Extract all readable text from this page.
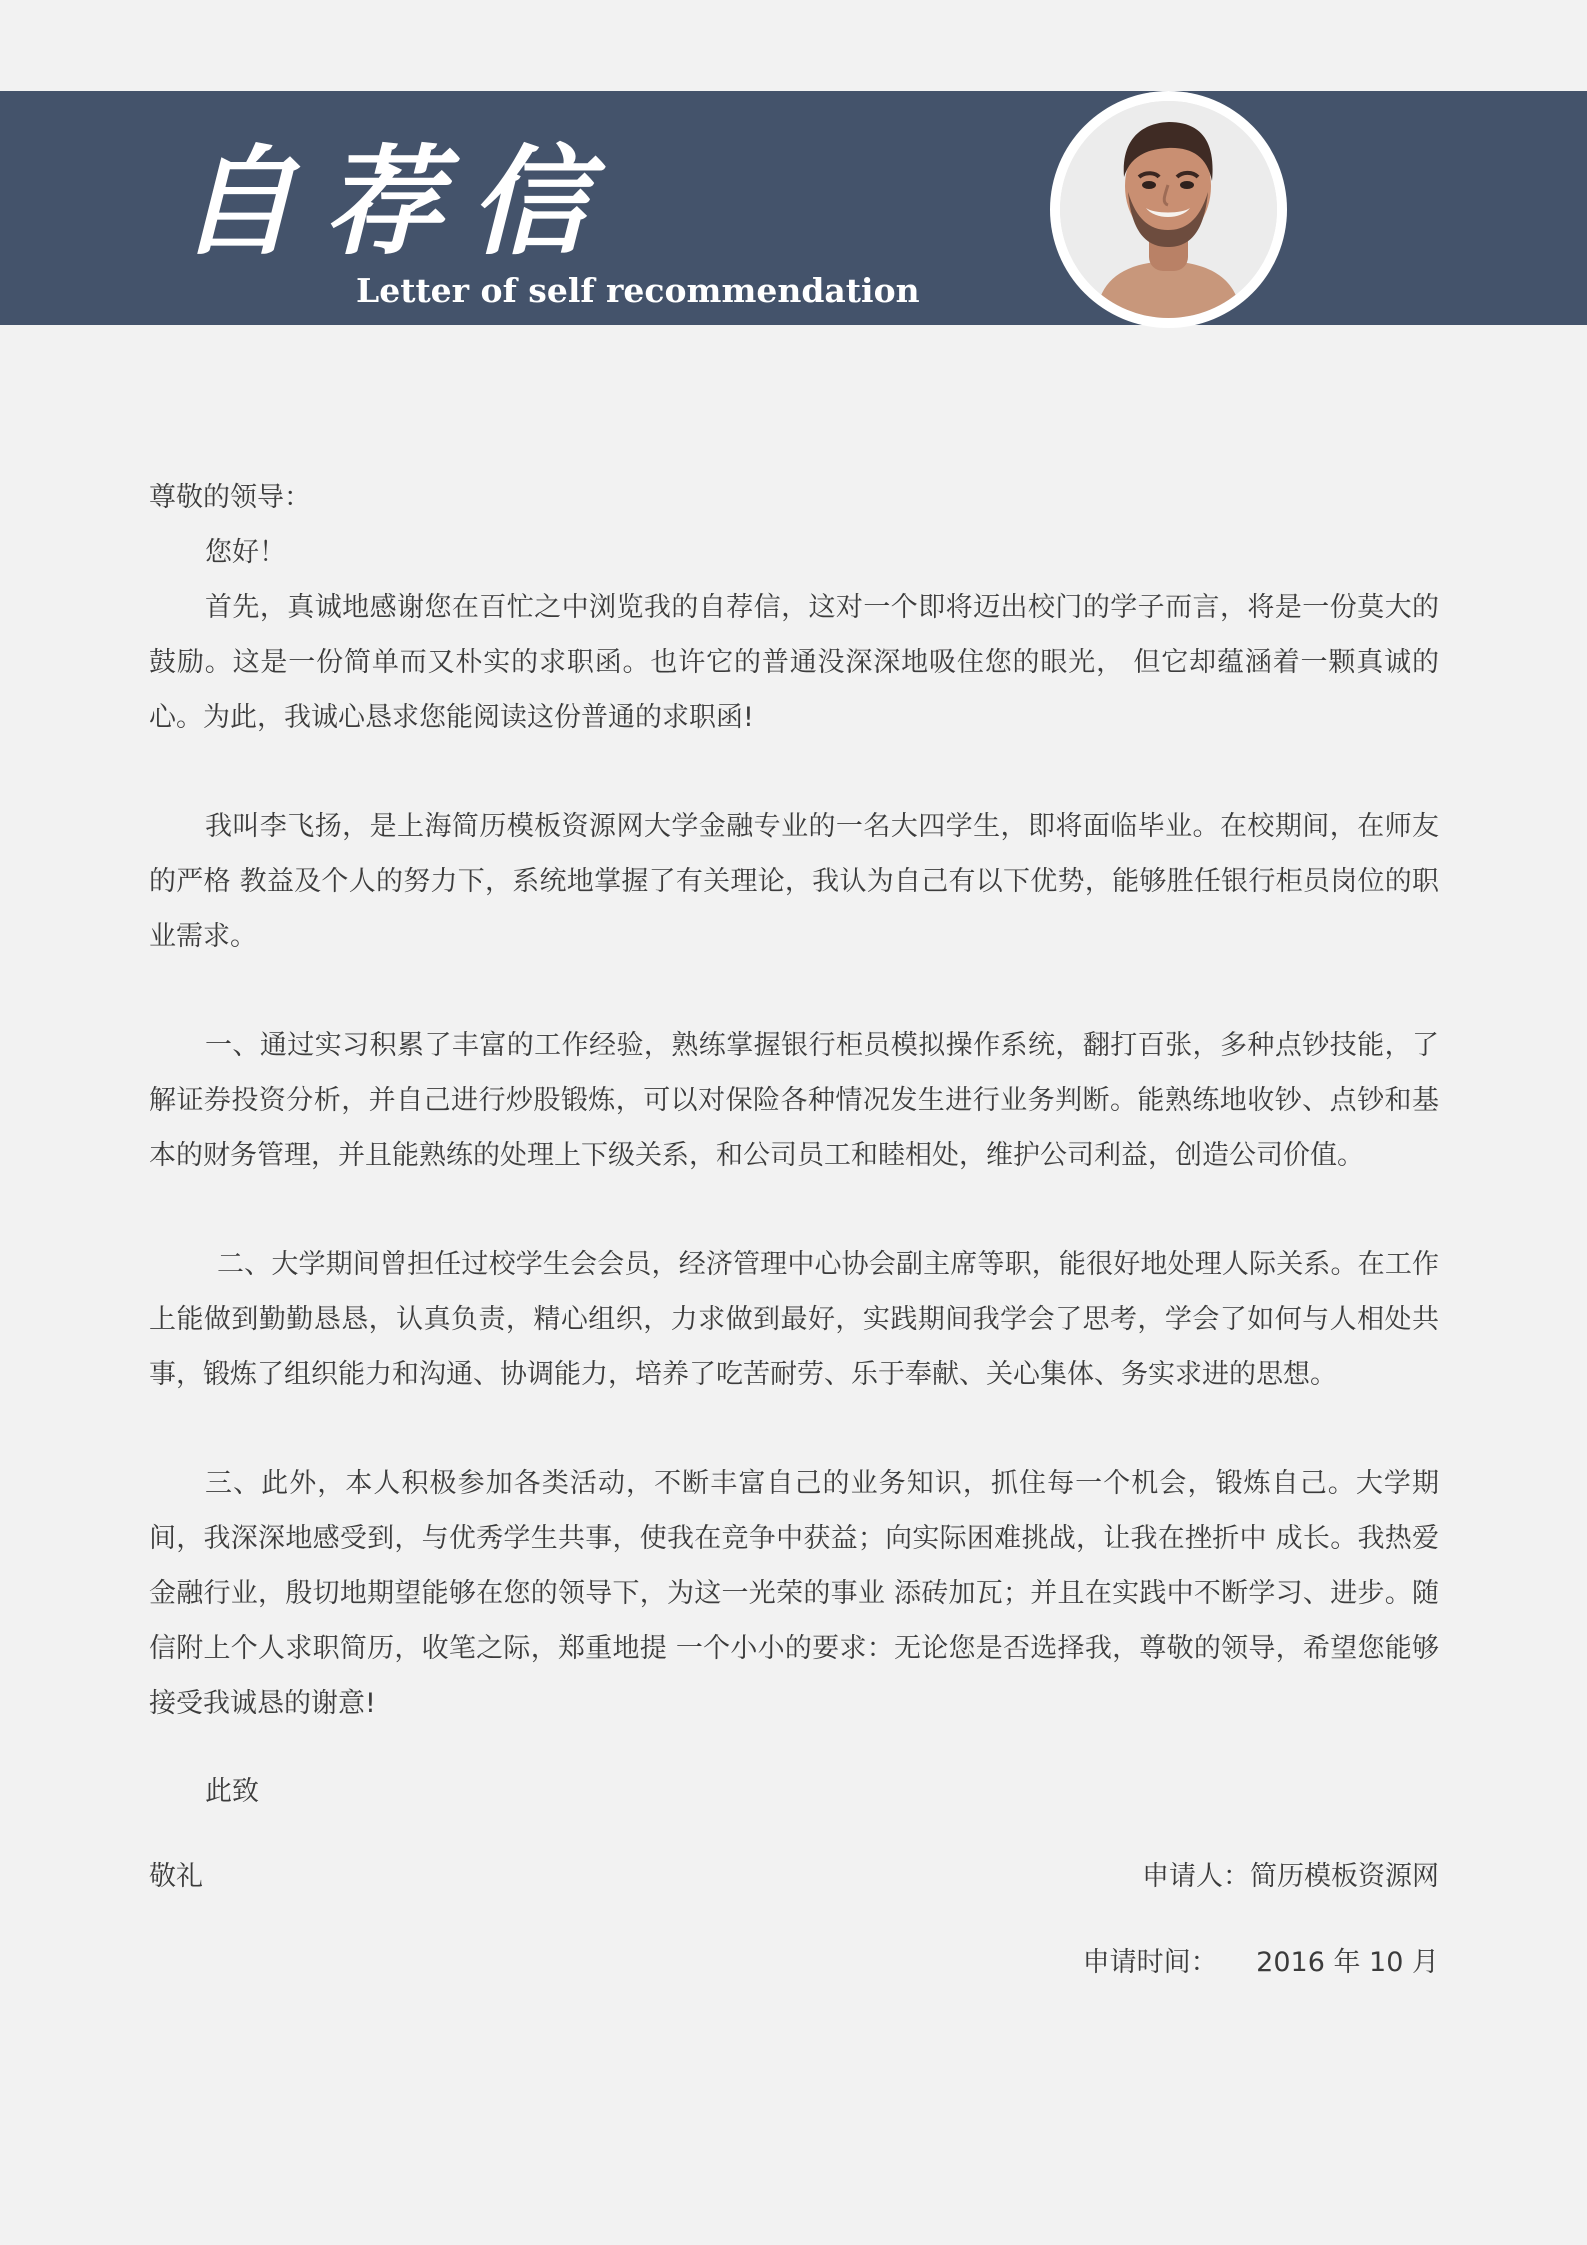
自荐信
Letter of self recommendation

尊敬的领导：

您好！

首先，真诚地感谢您在百忙之中浏览我的自荐信，这对一个即将迈出校门的学子而言，将是一份莫大的鼓励。这是一份简单而又朴实的求职函。也许它的普通没深深地吸住您的眼光， 但它却蕴涵着一颗真诚的心。为此，我诚心恳求您能阅读这份普通的求职函!

我叫李飞扬，是上海简历模板资源网大学金融专业的一名大四学生，即将面临毕业。在校期间，在师友的严格 教益及个人的努力下，系统地掌握了有关理论，我认为自己有以下优势，能够胜任银行柜员岗位的职业需求。

一、通过实习积累了丰富的工作经验，熟练掌握银行柜员模拟操作系统，翻打百张，多种点钞技能，了解证券投资分析，并自己进行炒股锻炼，可以对保险各种情况发生进行业务判断。能熟练地收钞、点钞和基本的财务管理，并且能熟练的处理上下级关系，和公司员工和睦相处，维护公司利益，创造公司价值。

二、大学期间曾担任过校学生会会员，经济管理中心协会副主席等职，能很好地处理人际关系。在工作上能做到勤勤恳恳，认真负责，精心组织，力求做到最好，实践期间我学会了思考，学会了如何与人相处共事，锻炼了组织能力和沟通、协调能力，培养了吃苦耐劳、乐于奉献、关心集体、务实求进的思想。

三、此外，本人积极参加各类活动，不断丰富自己的业务知识，抓住每一个机会，锻炼自己。大学期间，我深深地感受到，与优秀学生共事，使我在竞争中获益；向实际困难挑战，让我在挫折中 成长。我热爱金融行业，殷切地期望能够在您的领导下，为这一光荣的事业 添砖加瓦；并且在实践中不断学习、进步。随信附上个人求职简历，收笔之际，郑重地提 一个小小的要求：无论您是否选择我，尊敬的领导，希望您能够接受我诚恳的谢意!

此致

敬礼	申请人：简历模板资源网
申请时间： 2016 年 10 月
